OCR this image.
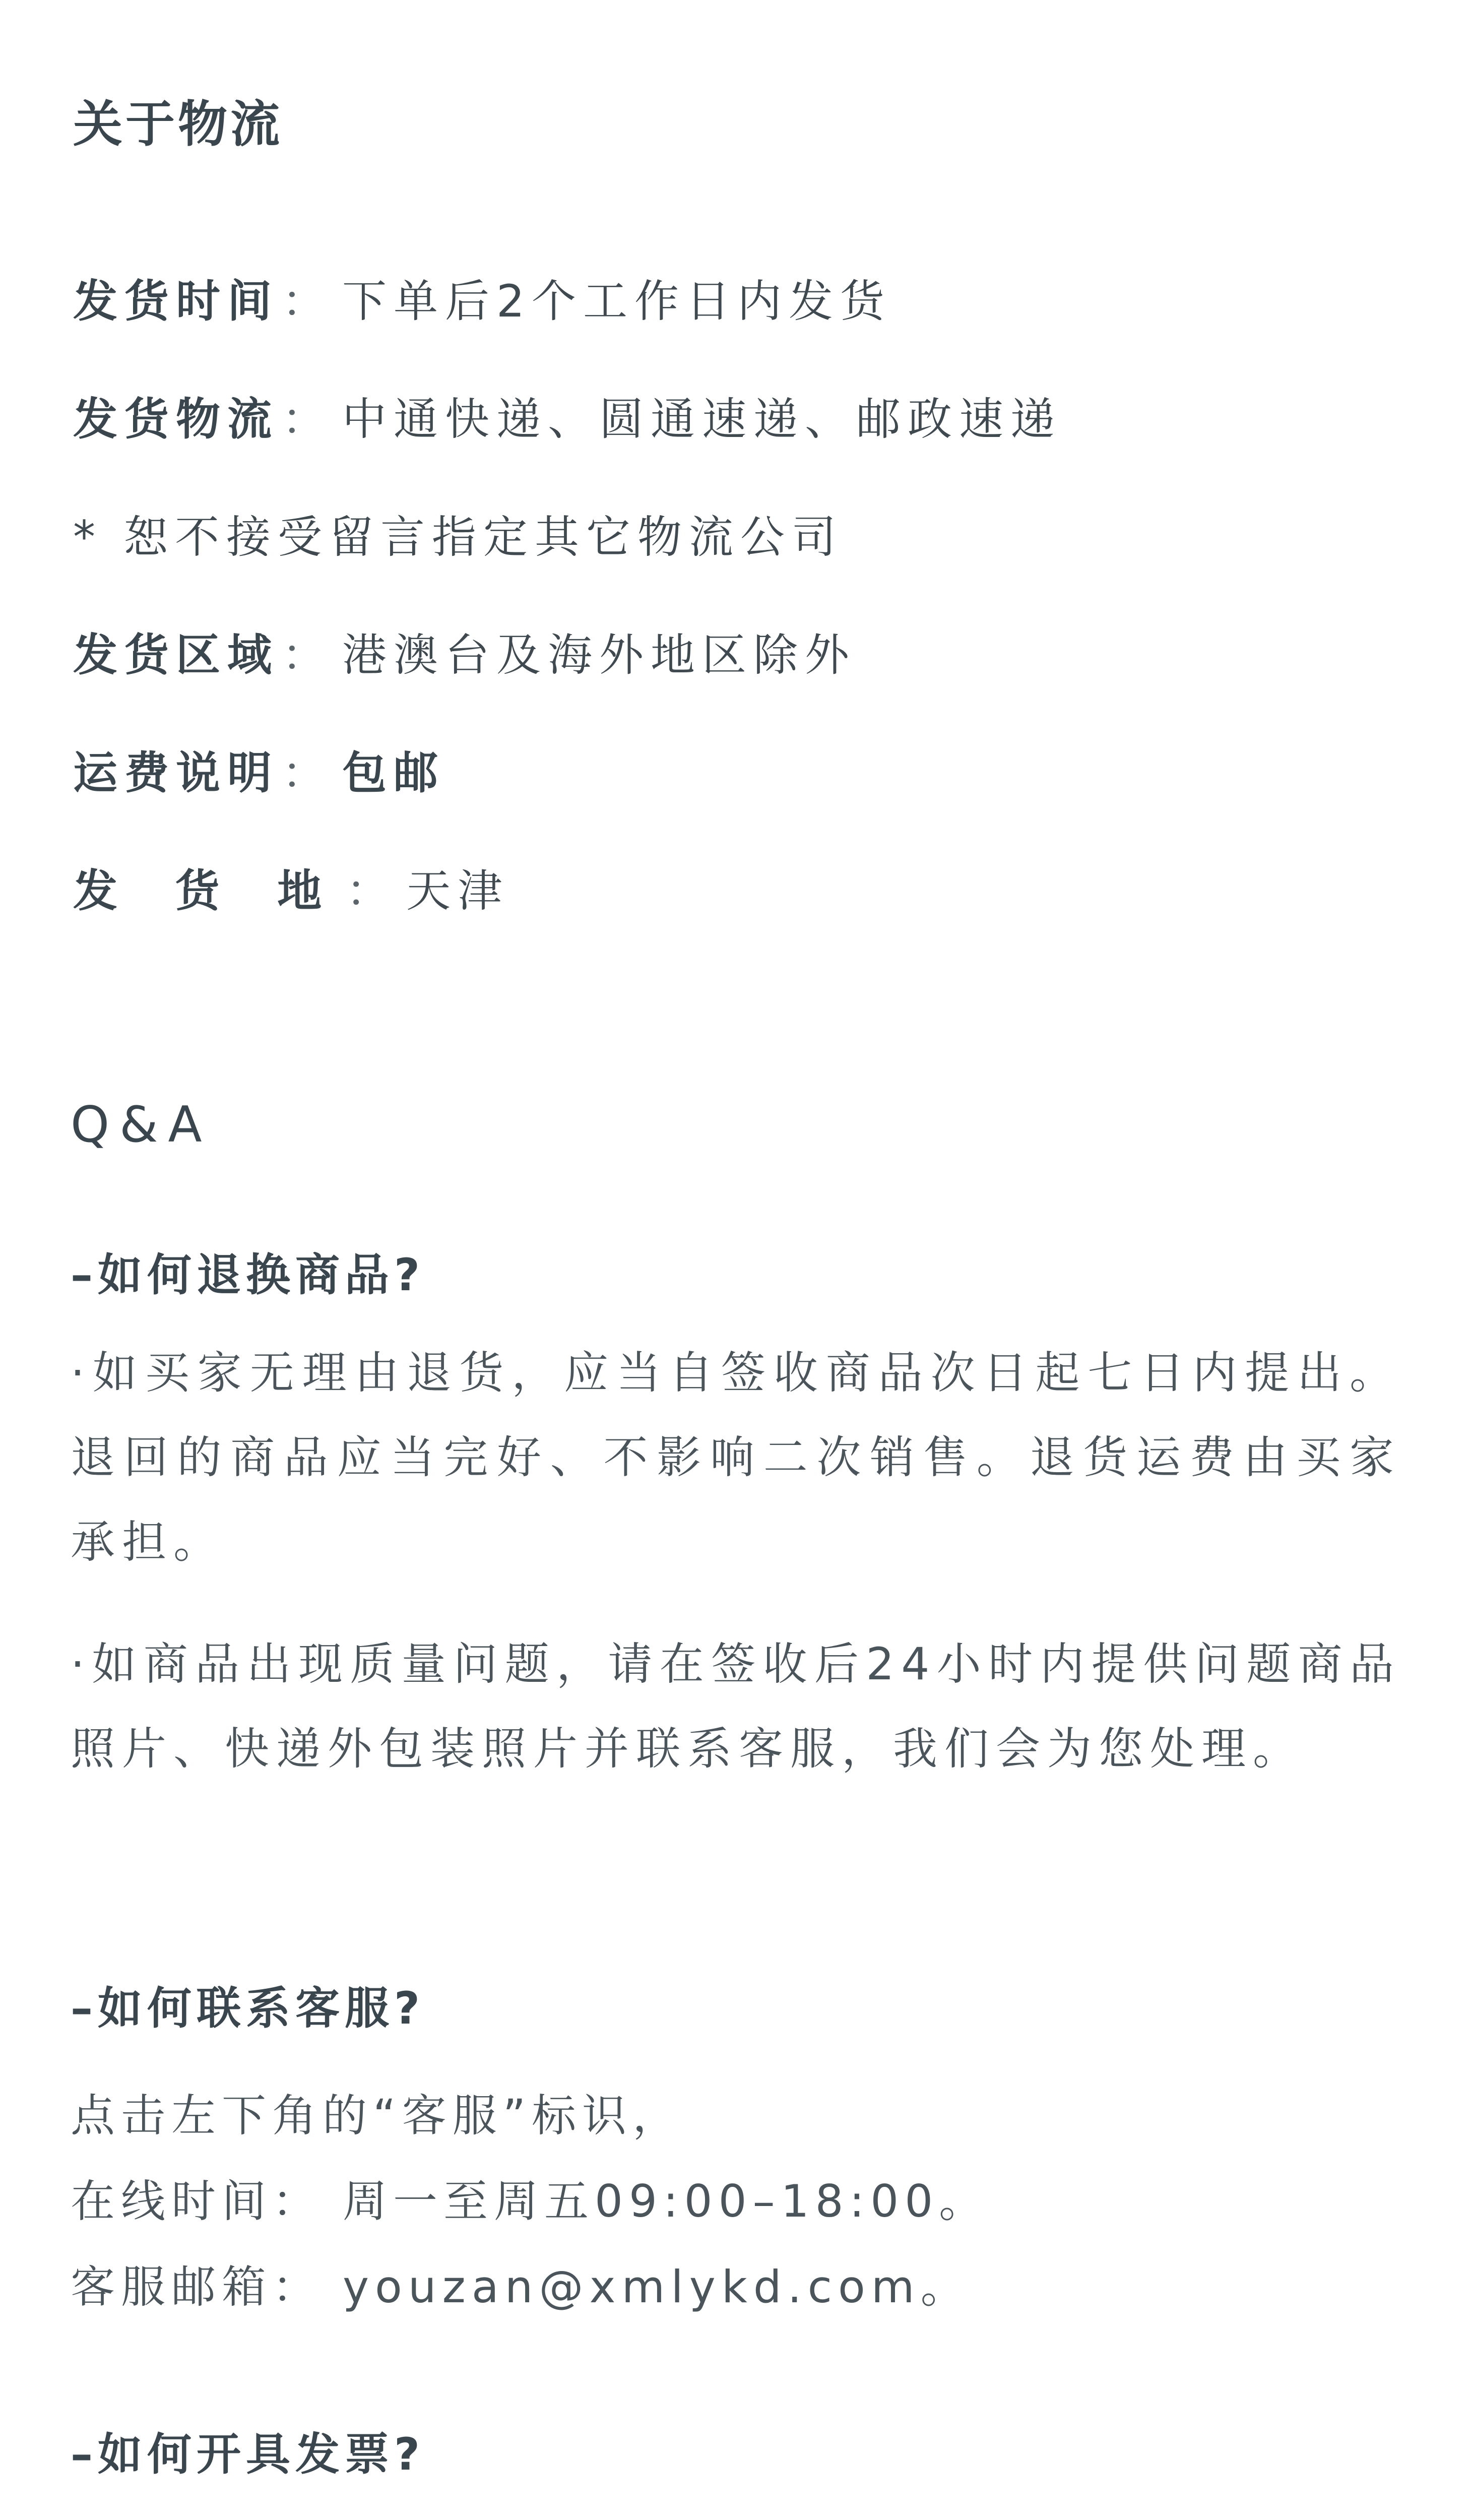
关于物流
发货时间： 下单后2个工作日内发货
发货物流： 中通快递、圆通速递、邮政速递
* 恕不接受留言指定其它物流公司
发货区域： 港澳台及海外地区除外
运费说明： 包邮
发 货 地： 天津
Q&A
–如何退换商品?
·如买家无理由退货，应当自签收商品次日起七日内提出。退回的商品应当完好、不影响二次销售。退货运费由买家承担。
·如商品出现质量问题，请在签收后24小时内提供问题商品照片、快递外包装照片并联系客服，我们会为您处理。
–如何联系客服?
点击左下角的“客服”标识，
在线时间： 周一至周五09:00–18:00。
客服邮箱： youzan@xmlykd.com。
–如何开具发票?
